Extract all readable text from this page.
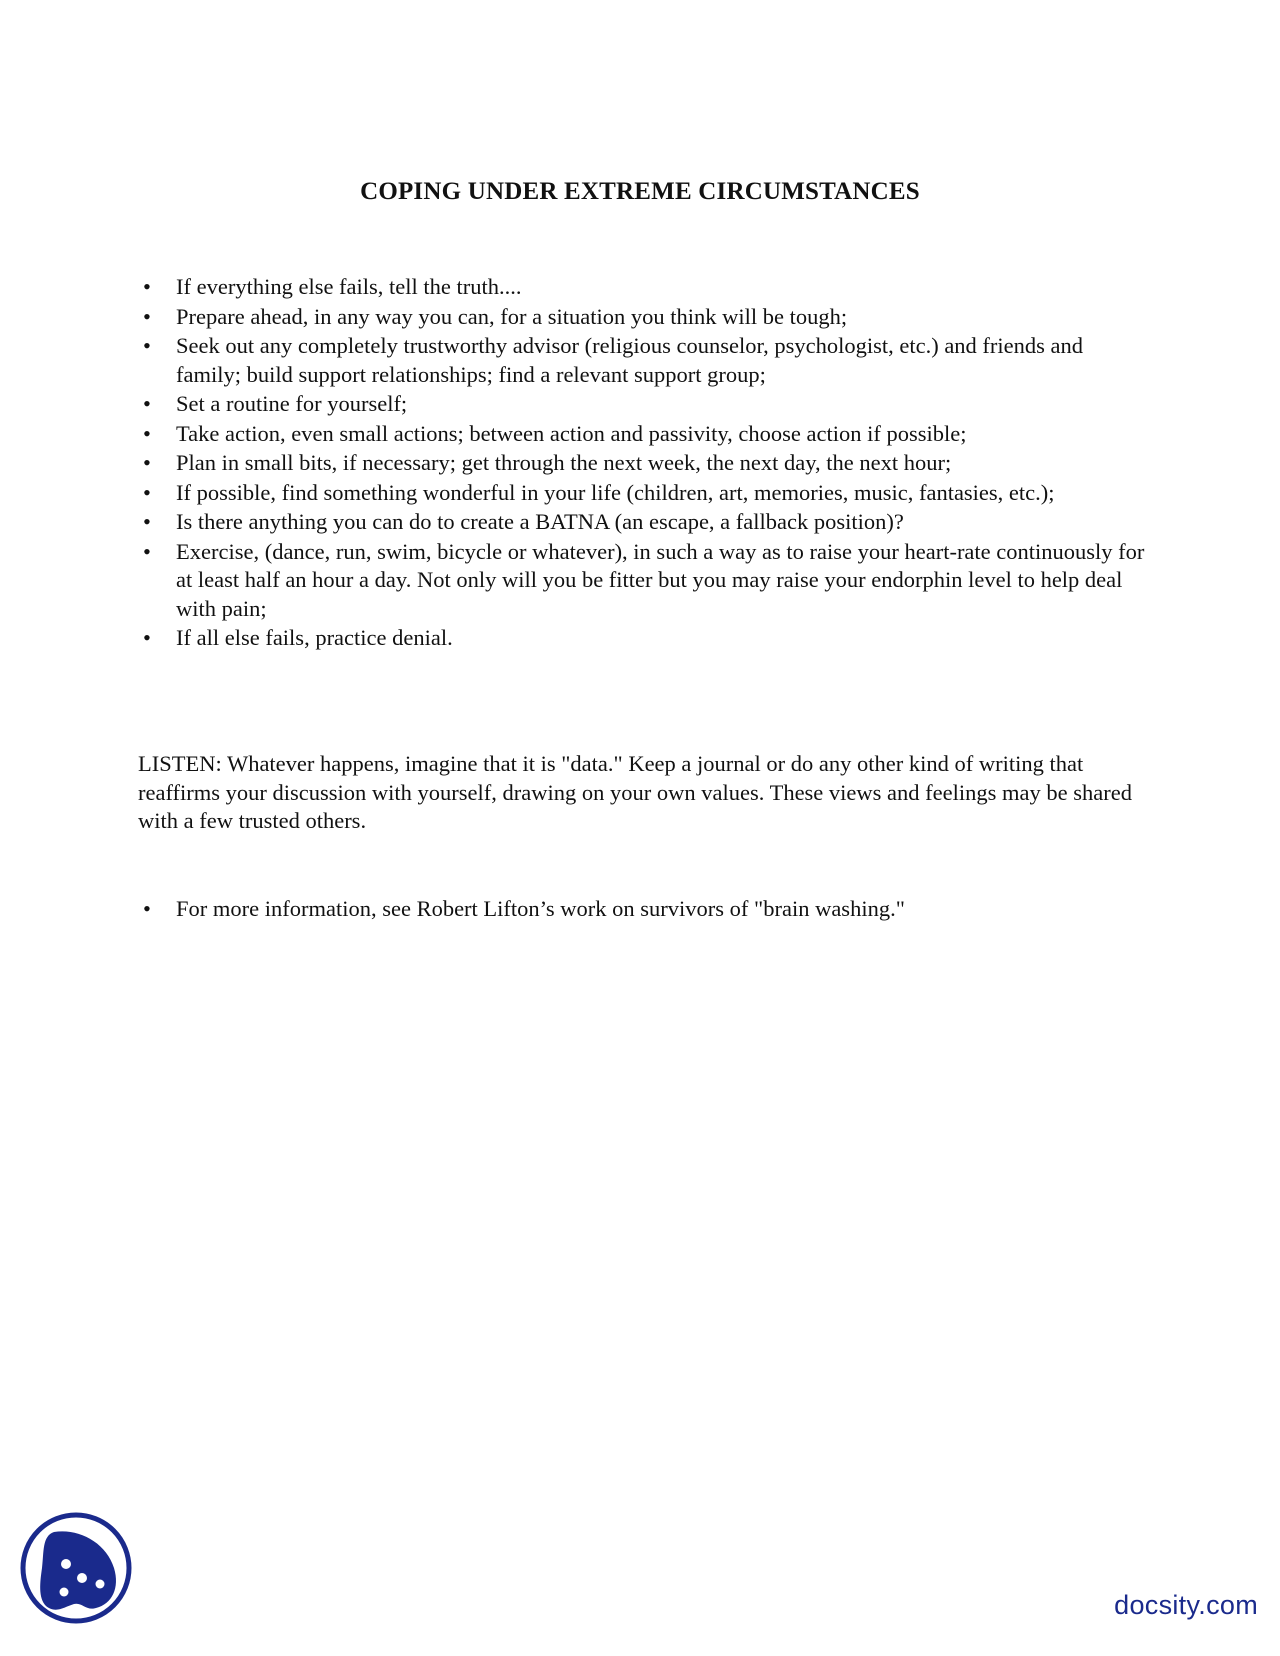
COPING UNDER EXTREME CIRCUMSTANCES
• If everything else fails, tell the truth....
• Prepare ahead, in any way you can, for a situation you think will be tough;
• Seek out any completely trustworthy advisor (religious counselor, psychologist, etc.) and friends and family; build support relationships; find a relevant support group;
• Set a routine for yourself;
• Take action, even small actions; between action and passivity, choose action if possible;
• Plan in small bits, if necessary; get through the next week, the next day, the next hour;
• If possible, find something wonderful in your life (children, art, memories, music, fantasies, etc.);
• Is there anything you can do to create a BATNA (an escape, a fallback position)?
• Exercise, (dance, run, swim, bicycle or whatever), in such a way as to raise your heart-rate continuously for at least half an hour a day. Not only will you be fitter but you may raise your endorphin level to help deal with pain;
• If all else fails, practice denial.

LISTEN: Whatever happens, imagine that it is "data." Keep a journal or do any other kind of writing that reaffirms your discussion with yourself, drawing on your own values. These views and feelings may be shared with a few trusted others.

• For more information, see Robert Lifton’s work on survivors of "brain washing."
docsity.com
